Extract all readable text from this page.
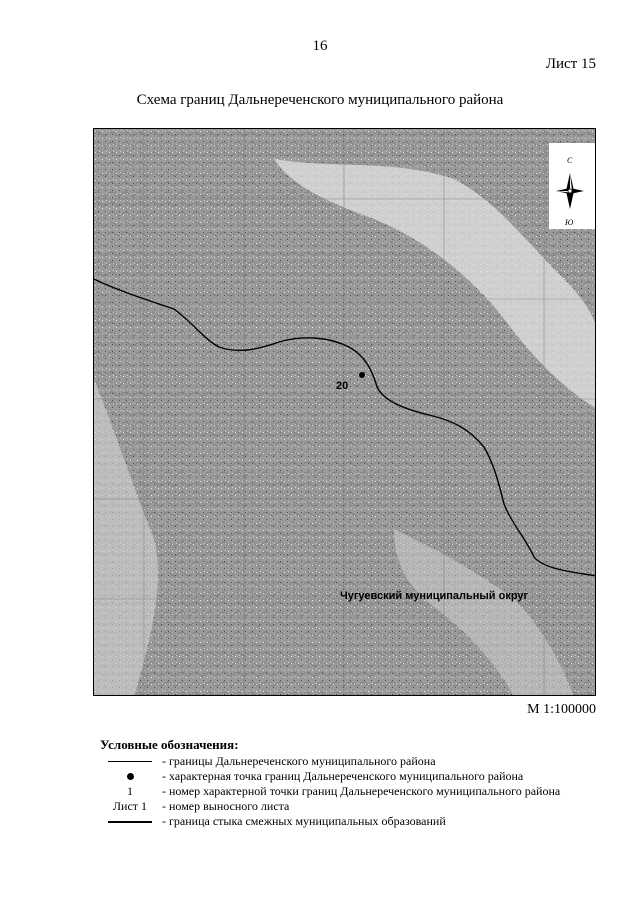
16
Лист 15
Схема границ Дальнереченского муниципального района
20
Чугуевский муниципальный округ
С
Ю
М 1:100000
Условные обозначения:
- границы Дальнереченского муниципального района
- характерная точка границ Дальнереченского муниципального района
1	- номер характерной точки границ Дальнереченского муниципального района
Лист 1	- номер выносного листа
- граница стыка смежных муниципальных образований
